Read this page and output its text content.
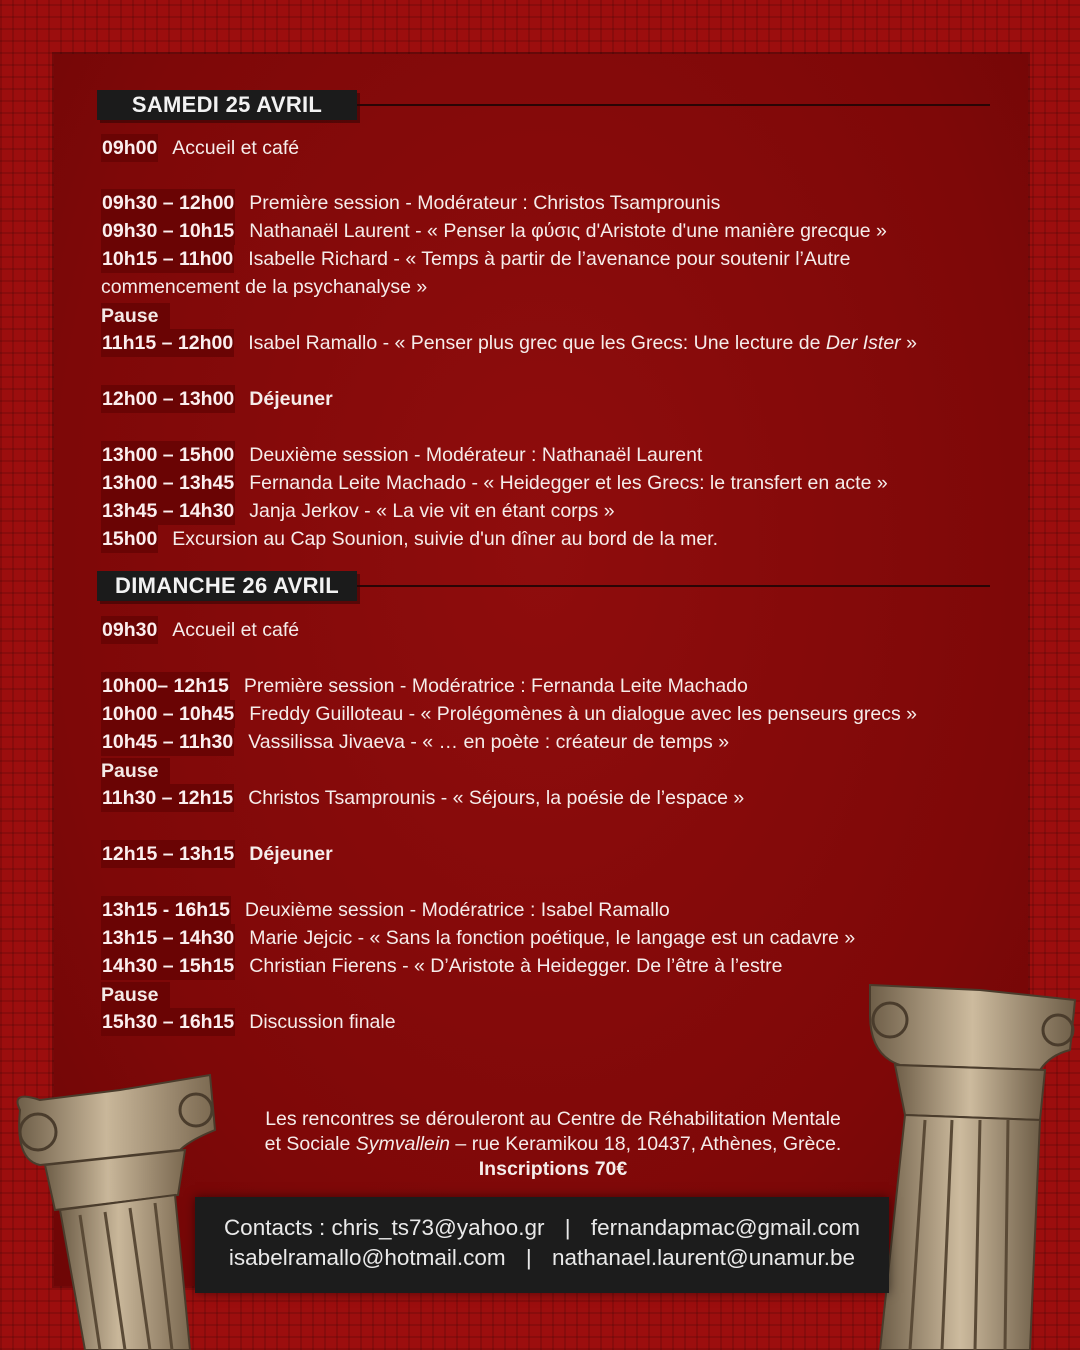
SAMEDI 25 AVRIL
09h00 Accueil et café
09h30 – 12h00 Première session - Modérateur : Christos Tsamprounis
09h30 – 10h15 Nathanaël Laurent - « Penser la φύσις d'Aristote d'une manière grecque »
10h15 – 11h00 Isabelle Richard - « Temps à partir de l’avenance pour soutenir l’Autre commencement de la psychanalyse »
Pause
11h15 – 12h00 Isabel Ramallo - « Penser plus grec que les Grecs: Une lecture de Der Ister »
12h00 – 13h00 Déjeuner
13h00 – 15h00 Deuxième session - Modérateur : Nathanaël Laurent
13h00 – 13h45 Fernanda Leite Machado - « Heidegger et les Grecs: le transfert en acte »
13h45 – 14h30 Janja Jerkov - « La vie vit en étant corps »
15h00 Excursion au Cap Sounion, suivie d'un dîner au bord de la mer.
DIMANCHE 26 AVRIL
09h30 Accueil et café
10h00– 12h15 Première session - Modératrice : Fernanda Leite Machado
10h00 – 10h45 Freddy Guilloteau - « Prolégomènes à un dialogue avec les penseurs grecs »
10h45 – 11h30 Vassilissa Jivaeva - « … en poète : créateur de temps »
Pause
11h30 – 12h15 Christos Tsamprounis - « Séjours, la poésie de l’espace »
12h15 – 13h15 Déjeuner
13h15 - 16h15 Deuxième session - Modératrice : Isabel Ramallo
13h15 – 14h30 Marie Jejcic - « Sans la fonction poétique, le langage est un cadavre »
14h30 – 15h15 Christian Fierens - « D’Aristote à Heidegger. De l’être à l’estre
Pause
15h30 – 16h15 Discussion finale
Les rencontres se dérouleront au Centre de Réhabilitation Mentale
et Sociale Symvallein – rue Keramikou 18, 10437, Athènes, Grèce.
Inscriptions 70€
Contacts : chris_ts73@yahoo.gr | fernandapmac@gmail.com
isabelramallo@hotmail.com | nathanael.laurent@unamur.be
